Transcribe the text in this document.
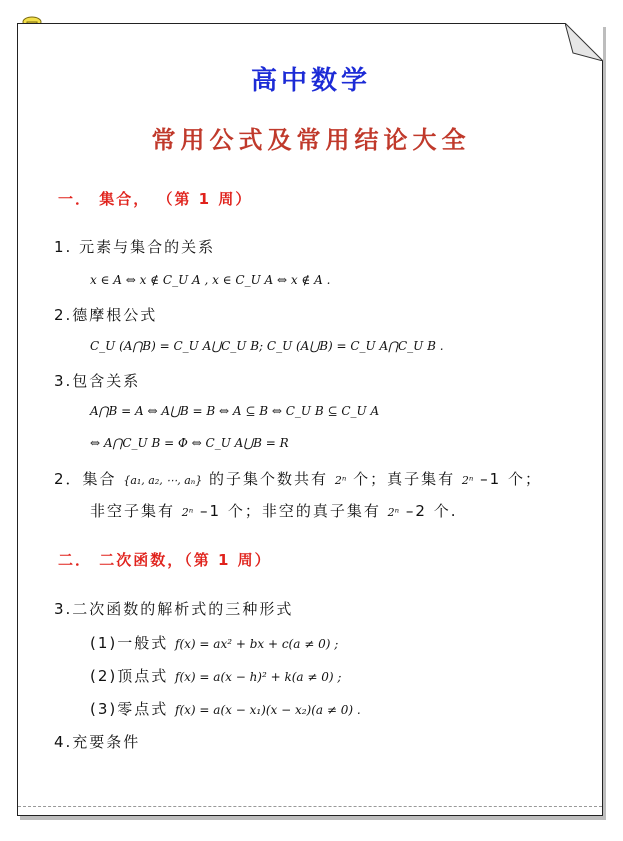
高中数学
常用公式及常用结论大全
一． 集合， （第 1 周）
1. 元素与集合的关系
x ∈ A ⇔ x ∉ C_U A , x ∈ C_U A ⇔ x ∉ A .
2.德摩根公式
C_U (A⋂B) = C_U A⋃C_U B; C_U (A⋃B) = C_U A⋂C_U B .
3.包含关系
A⋂B = A ⇔ A⋃B = B ⇔ A ⊆ B ⇔ C_U B ⊆ C_U A
⇔ A⋂C_U B = Φ ⇔ C_U A⋃B = R
2．集合 {a₁, a₂, ⋯, aₙ} 的子集个数共有 2ⁿ 个；真子集有 2ⁿ –1 个；
非空子集有 2ⁿ –1 个；非空的真子集有 2ⁿ –2 个.
二． 二次函数，（第 1 周）
3.二次函数的解析式的三种形式
(1)一般式 f(x) = ax² + bx + c(a ≠ 0) ;
(2)顶点式 f(x) = a(x − h)² + k(a ≠ 0) ;
(3)零点式 f(x) = a(x − x₁)(x − x₂)(a ≠ 0) .
4.充要条件
